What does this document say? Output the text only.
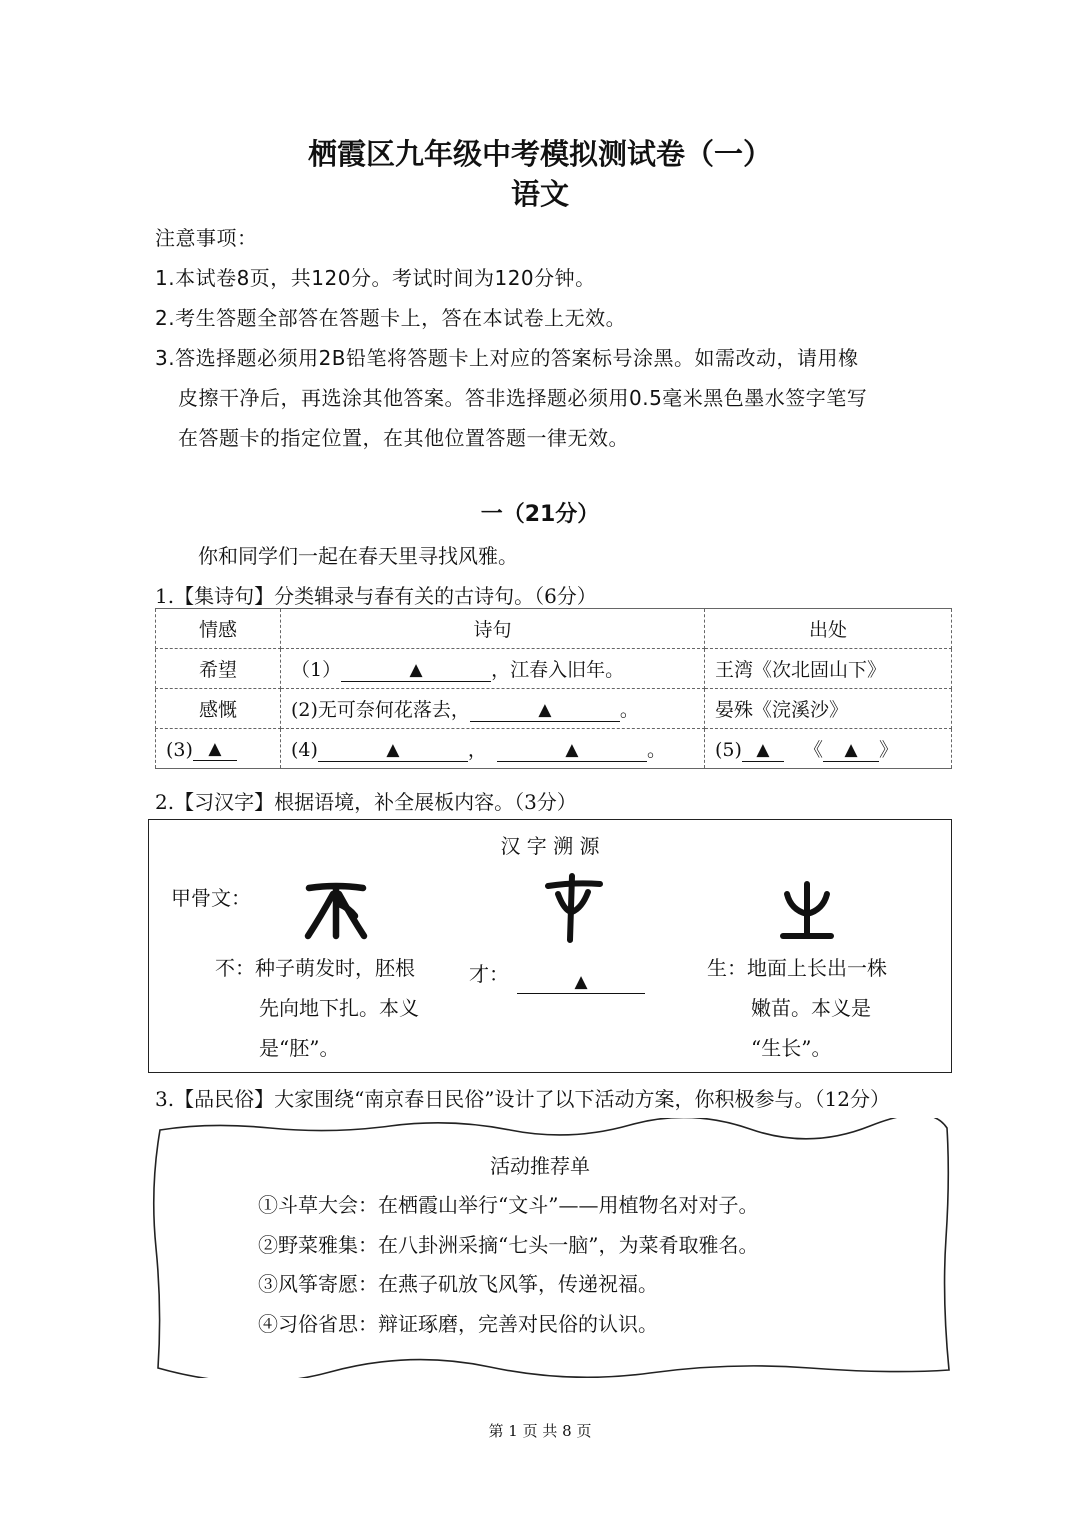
栖霞区九年级中考模拟测试卷（一）
语文
注意事项：
1.本试卷8页，共120分。考试时间为120分钟。
2.考生答题全部答在答题卡上，答在本试卷上无效。
3.答选择题必须用2B铅笔将答题卡上对应的答案标号涂黑。如需改动，请用橡
皮擦干净后，再选涂其他答案。答非选择题必须用0.5毫米黑色墨水签字笔写
在答题卡的指定位置，在其他位置答题一律无效。
一（21分）
你和同学们一起在春天里寻找风雅。
1.【集诗句】分类辑录与春有关的古诗句。（6分）
情感	诗句	出处
希望	（1） ▲ ，江春入旧年。	王湾《次北固山下》
感慨	(2)无可奈何花落去， ▲ 。	晏殊《浣溪沙》
(3) ▲	(4) ▲ ， ▲ 。	(5) ▲ 《 ▲ 》
2.【习汉字】根据语境，补全展板内容。（3分）
汉 字 溯 源
甲骨文：
不：种子萌发时，胚根
先向地下扎。本义
是“胚”。
才：	▲
生：地面上长出一株
嫩苗。本义是
“生长”。
3.【品民俗】大家围绕“南京春日民俗”设计了以下活动方案，你积极参与。（12分）
活动推荐单
①斗草大会：在栖霞山举行“文斗”——用植物名对对子。
②野菜雅集：在八卦洲采摘“七头一脑”，为菜肴取雅名。
③风筝寄愿：在燕子矶放飞风筝，传递祝福。
④习俗省思：辩证琢磨，完善对民俗的认识。
第 1 页 共 8 页
